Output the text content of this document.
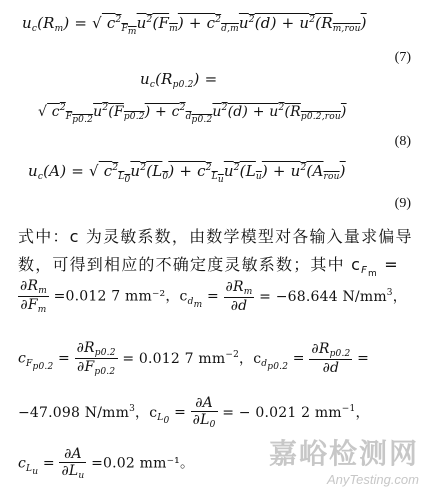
$u_c(R_m)$ = √ $c^2_{F_m}u^2(F_m) + c^2_{d,m}u^2(d) + u^2(R_{m,rou})$
(7)
$u_c(R_{p0.2})$ =
√ $c^2_{F_{p0.2}}u^2(F_{p0.2}) + c^2_{d_{p0.2}}u^2(d) + u^2(R_{p0.2,rou})$
(8)
$u_c(A)$ = √ $c^2_{L_0}u^2(L_0) + c^2_{L_u}u^2(L_u) + u^2(A_{rou})$
(9)
式中：c 为灵敏系数，由数学模型对各输入量求偏导
数，可得到相应的不确定度灵敏系数；其中 $c_{F_m}$ =
$\frac{\partial R_m}{\partial F_m} =0.012$ 7 mm⁻²，$c_{d_m} = \frac{\partial R_m}{\partial\overline{d}} = -68.644$ $N/mm^3$，
$c_{F_{p0.2}} = \frac{\partial R_{p0.2}}{\partial F_{p0.2}} = 0.012$ 7 $mm^{-2}$，$c_{d_{p0.2}} = \frac{\partial R_{p0.2}}{\partial\overline{d}}$ =
−47.098 $N/mm^3$，$c_{L_0} = \frac{\partial A}{\partial L_0}$ = − 0.021 2 $mm^{-1}$，
$c_{L_u} = \frac{\partial A}{\partial\overline{L}_u} =0.02$ mm⁻¹。	嘉峪检测网
AnyTesting.com
